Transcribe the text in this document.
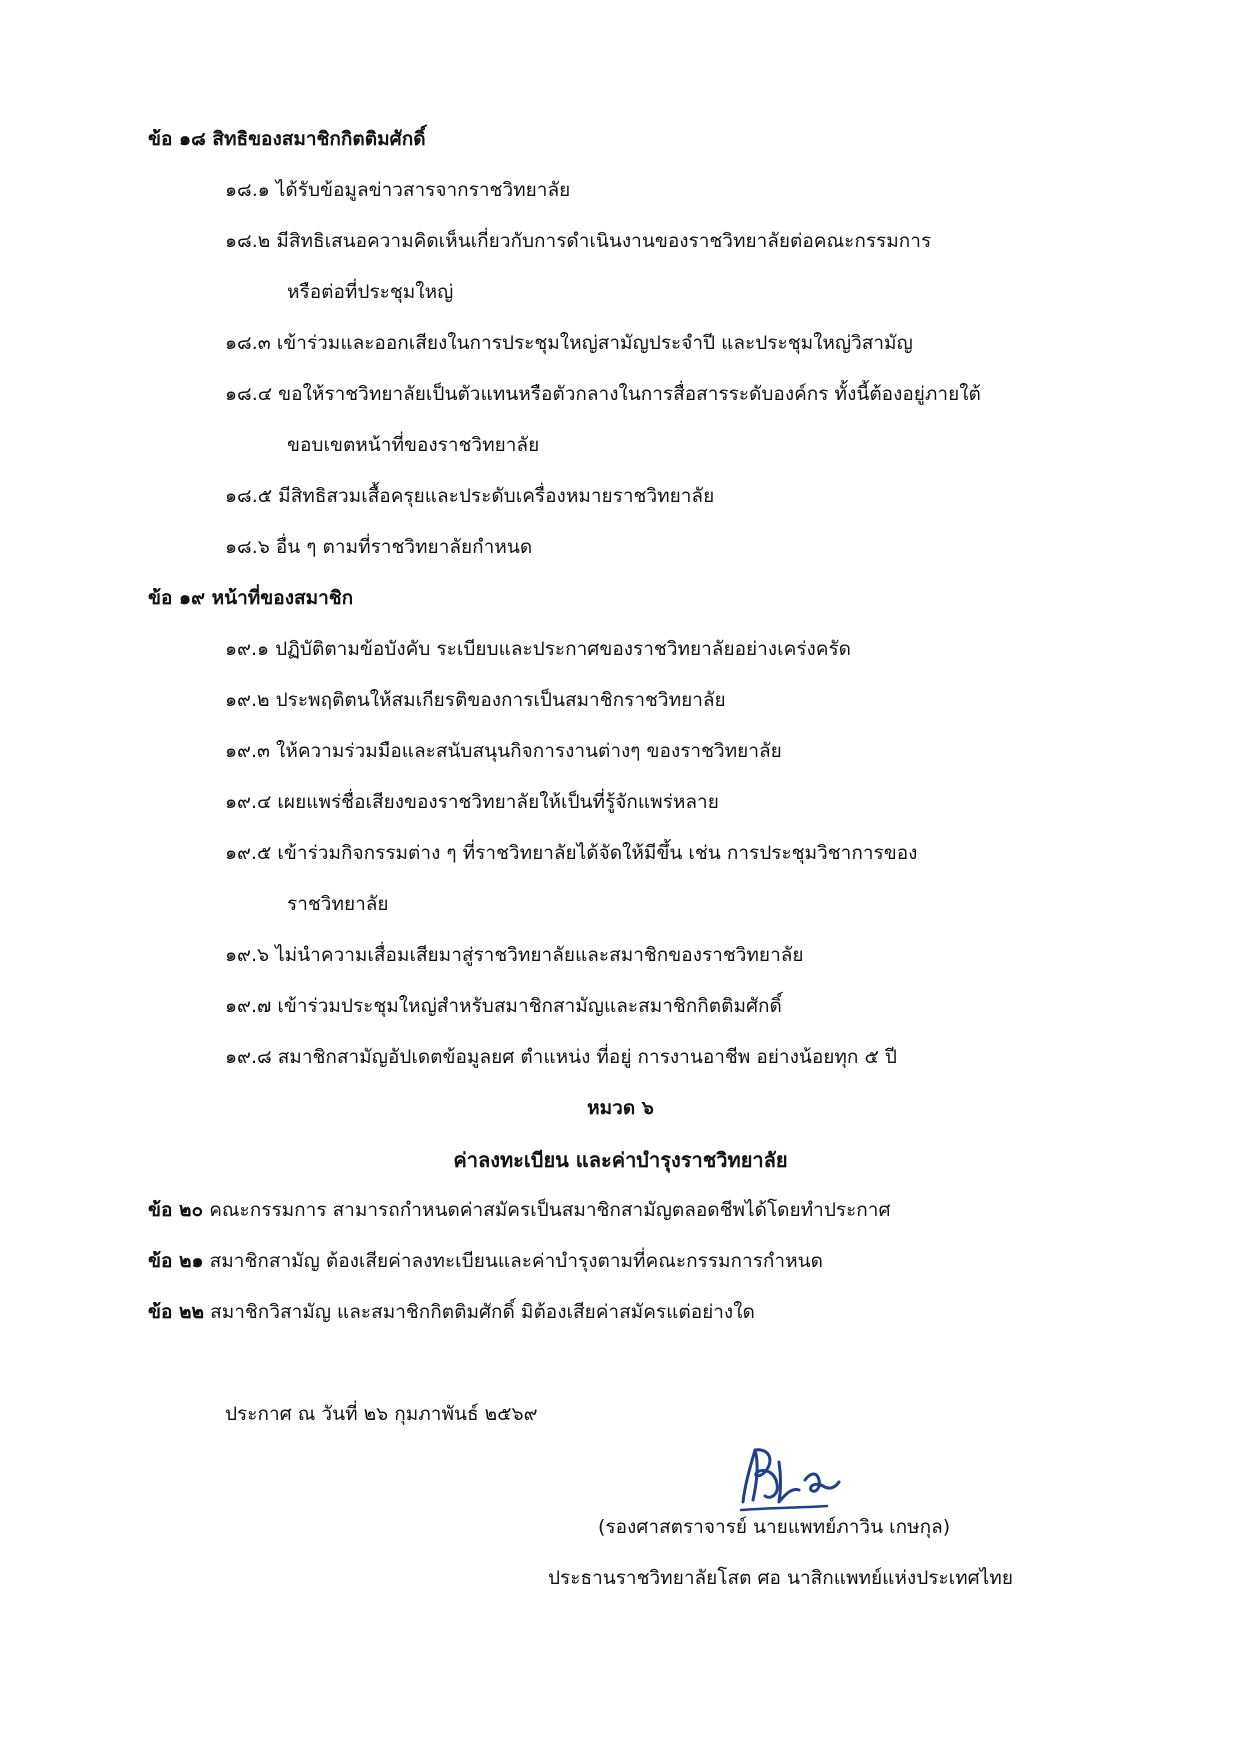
ข้อ ๑๘ สิทธิของสมาชิกกิตติมศักดิ์
๑๘.๑ ได้รับข้อมูลข่าวสารจากราชวิทยาลัย
๑๘.๒ มีสิทธิเสนอความคิดเห็นเกี่ยวกับการดำเนินงานของราชวิทยาลัยต่อคณะกรรมการ
หรือต่อที่ประชุมใหญ่
๑๘.๓ เข้าร่วมและออกเสียงในการประชุมใหญ่สามัญประจำปี และประชุมใหญ่วิสามัญ
๑๘.๔ ขอให้ราชวิทยาลัยเป็นตัวแทนหรือตัวกลางในการสื่อสารระดับองค์กร ทั้งนี้ต้องอยู่ภายใต้
ขอบเขตหน้าที่ของราชวิทยาลัย
๑๘.๕ มีสิทธิสวมเสื้อครุยและประดับเครื่องหมายราชวิทยาลัย
๑๘.๖ อื่น ๆ ตามที่ราชวิทยาลัยกำหนด
ข้อ ๑๙ หน้าที่ของสมาชิก
๑๙.๑ ปฏิบัติตามข้อบังคับ ระเบียบและประกาศของราชวิทยาลัยอย่างเคร่งครัด
๑๙.๒ ประพฤติตนให้สมเกียรติของการเป็นสมาชิกราชวิทยาลัย
๑๙.๓ ให้ความร่วมมือและสนับสนุนกิจการงานต่างๆ ของราชวิทยาลัย
๑๙.๔ เผยแพร่ชื่อเสียงของราชวิทยาลัยให้เป็นที่รู้จักแพร่หลาย
๑๙.๕ เข้าร่วมกิจกรรมต่าง ๆ ที่ราชวิทยาลัยได้จัดให้มีขึ้น เช่น การประชุมวิชาการของ
ราชวิทยาลัย
๑๙.๖ ไม่นำความเสื่อมเสียมาสู่ราชวิทยาลัยและสมาชิกของราชวิทยาลัย
๑๙.๗ เข้าร่วมประชุมใหญ่สำหรับสมาชิกสามัญและสมาชิกกิตติมศักดิ์
๑๙.๘ สมาชิกสามัญอัปเดตข้อมูลยศ ตำแหน่ง ที่อยู่ การงานอาชีพ อย่างน้อยทุก ๕ ปี
หมวด ๖
ค่าลงทะเบียน และค่าบำรุงราชวิทยาลัย
ข้อ ๒๐ คณะกรรมการ สามารถกำหนดค่าสมัครเป็นสมาชิกสามัญตลอดชีพได้โดยทำประกาศ
ข้อ ๒๑ สมาชิกสามัญ ต้องเสียค่าลงทะเบียนและค่าบำรุงตามที่คณะกรรมการกำหนด
ข้อ ๒๒ สมาชิกวิสามัญ และสมาชิกกิตติมศักดิ์ มิต้องเสียค่าสมัครแต่อย่างใด
ประกาศ ณ วันที่ ๒๖ กุมภาพันธ์ ๒๕๖๙
(รองศาสตราจารย์ นายแพทย์ภาวิน เกษกุล)
ประธานราชวิทยาลัยโสต ศอ นาสิกแพทย์แห่งประเทศไทย
